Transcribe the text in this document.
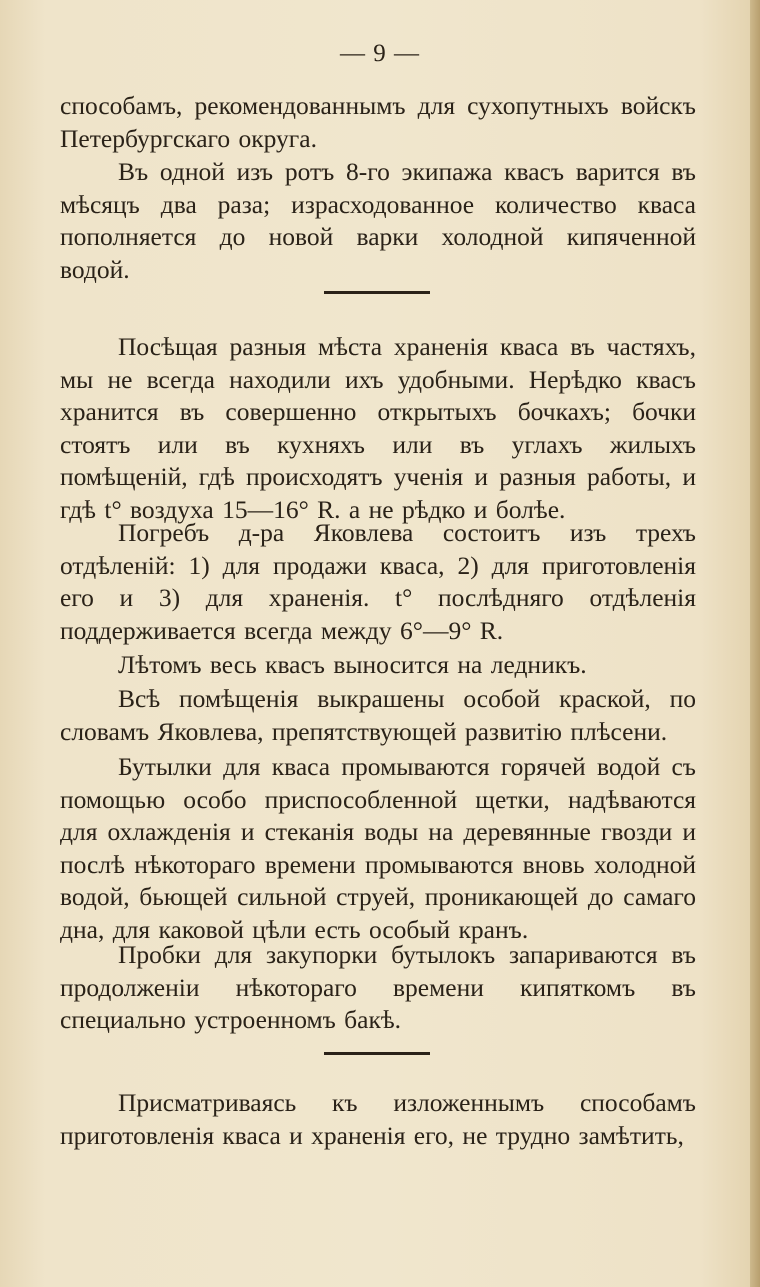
— 9 —

способамъ, рекомендованнымъ для сухопутныхъ войскъ Петербургскаго округа.

Въ одной изъ ротъ 8-го экипажа квасъ варится въ мѣсяцъ два раза; израсходованное количество кваса пополняется до новой варки холодной кипяченной водой.

Посѣщая разныя мѣста храненія кваса въ частяхъ, мы не всегда находили ихъ удобными. Нерѣдко квасъ хранится въ совершенно открытыхъ бочкахъ; бочки стоятъ или въ кухняхъ или въ углахъ жилыхъ помѣщеній, гдѣ происходятъ ученія и разныя работы, и гдѣ t° воздуха 15—16° R. а не рѣдко и болѣе.

Погребъ д-ра Яковлева состоитъ изъ трехъ отдѣленій: 1) для продажи кваса, 2) для приготовленія его и 3) для храненія. t° послѣдняго отдѣленія поддерживается всегда между 6°—9° R.

Лѣтомъ весь квасъ выносится на ледникъ.

Всѣ помѣщенія выкрашены особой краской, по словамъ Яковлева, препятствующей развитію плѣсени.

Бутылки для кваса промываются горячей водой съ помощью особо приспособленной щетки, надѣваются для охлажденія и стеканія воды на деревянные гвозди и послѣ нѣкотораго времени промываются вновь холодной водой, бьющей сильной струей, проникающей до самаго дна, для каковой цѣли есть особый кранъ.

Пробки для закупорки бутылокъ запариваются въ продолженіи нѣкотораго времени кипяткомъ въ специально устроенномъ бакѣ.

Присматриваясь къ изложеннымъ способамъ приготовленія кваса и храненія его, не трудно замѣтить,
